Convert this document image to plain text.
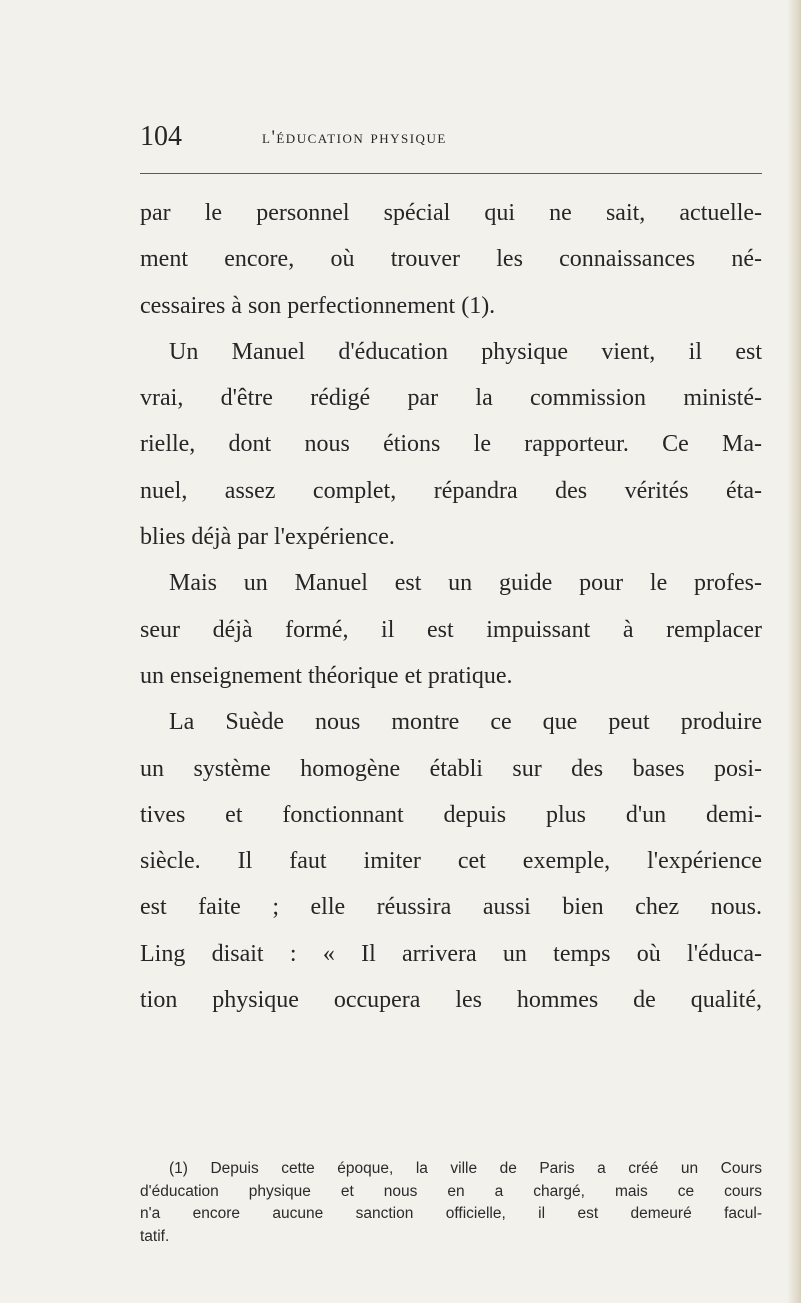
104	l'éducation physique
par le personnel spécial qui ne sait, actuelle-
ment encore, où trouver les connaissances né-
cessaires à son perfectionnement (1).
Un Manuel d'éducation physique vient, il est
vrai, d'être rédigé par la commission ministé-
rielle, dont nous étions le rapporteur. Ce Ma-
nuel, assez complet, répandra des vérités éta-
blies déjà par l'expérience.
Mais un Manuel est un guide pour le profes-
seur déjà formé, il est impuissant à remplacer
un enseignement théorique et pratique.
La Suède nous montre ce que peut produire
un système homogène établi sur des bases posi-
tives et fonctionnant depuis plus d'un demi-
siècle. Il faut imiter cet exemple, l'expérience
est faite ; elle réussira aussi bien chez nous.
Ling disait : « Il arrivera un temps où l'éduca-
tion physique occupera les hommes de qualité,
(1) Depuis cette époque, la ville de Paris a créé un Cours
d'éducation physique et nous en a chargé, mais ce cours
n'a encore aucune sanction officielle, il est demeuré facul-
tatif.
